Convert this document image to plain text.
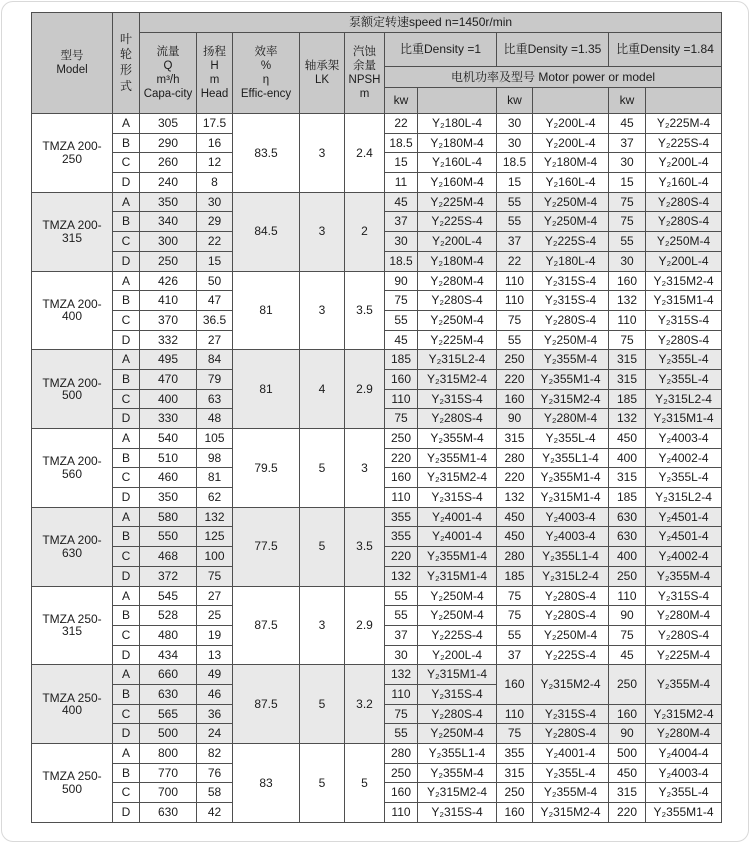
型号
Model	叶轮形式	泵额定转速speed n=1450r/min										
		流量
Q
m³/h
Capa-city	扬程
H
m
Head	效率
%
η
Effic-ency	轴承架
LK	汽蚀
余量
NPSH
m	比重Density =1		比重Density =1.35		比重Density =1.84	
							电机功率及型号 Motor power or model					
							kw		kw		kw	
TMZA 200-250	A	305	17.5	83.5	3	2.4	22	Y₂180L-4	30	Y₂200L-4	45	Y₂225M-4
	B	290	16				18.5	Y₂180M-4	30	Y₂200L-4	37	Y₂225S-4
	C	260	12				15	Y₂160L-4	18.5	Y₂180M-4	30	Y₂200L-4
	D	240	8				11	Y₂160M-4	15	Y₂160L-4	15	Y₂160L-4
TMZA 200-315	A	350	30	84.5	3	2	45	Y₂225M-4	55	Y₂250M-4	75	Y₂280S-4
	B	340	29				37	Y₂225S-4	55	Y₂250M-4	75	Y₂280S-4
	C	300	22				30	Y₂200L-4	37	Y₂225S-4	55	Y₂250M-4
	D	250	15				18.5	Y₂180M-4	22	Y₂180L-4	30	Y₂200L-4
TMZA 200-400	A	426	50	81	3	3.5	90	Y₂280M-4	110	Y₂315S-4	160	Y₂315M2-4
	B	410	47				75	Y₂280S-4	110	Y₂315S-4	132	Y₂315M1-4
	C	370	36.5				55	Y₂250M-4	75	Y₂280S-4	110	Y₂315S-4
	D	332	27				45	Y₂225M-4	55	Y₂250M-4	75	Y₂280S-4
TMZA 200-500	A	495	84	81	4	2.9	185	Y₂315L2-4	250	Y₂355M-4	315	Y₂355L-4
	B	470	79				160	Y₂315M2-4	220	Y₂355M1-4	315	Y₂355L-4
	C	400	63				110	Y₂315S-4	160	Y₂315M2-4	185	Y₂315L2-4
	D	330	48				75	Y₂280S-4	90	Y₂280M-4	132	Y₂315M1-4
TMZA 200-560	A	540	105	79.5	5	3	250	Y₂355M-4	315	Y₂355L-4	450	Y₂4003-4
	B	510	98				220	Y₂355M1-4	280	Y₂355L1-4	400	Y₂4002-4
	C	460	81				160	Y₂315M2-4	220	Y₂355M1-4	315	Y₂355L-4
	D	350	62				110	Y₂315S-4	132	Y₂315M1-4	185	Y₂315L2-4
TMZA 200-630	A	580	132	77.5	5	3.5	355	Y₂4001-4	450	Y₂4003-4	630	Y₂4501-4
	B	550	125				355	Y₂4001-4	450	Y₂4003-4	630	Y₂4501-4
	C	468	100				220	Y₂355M1-4	280	Y₂355L1-4	400	Y₂4002-4
	D	372	75				132	Y₂315M1-4	185	Y₂315L2-4	250	Y₂355M-4
TMZA 250-315	A	545	27	87.5	3	2.9	55	Y₂250M-4	75	Y₂280S-4	110	Y₂315S-4
	B	528	25				55	Y₂250M-4	75	Y₂280S-4	90	Y₂280M-4
	C	480	19				37	Y₂225S-4	55	Y₂250M-4	75	Y₂280S-4
	D	434	13				30	Y₂200L-4	37	Y₂225S-4	45	Y₂225M-4
TMZA 250-400	A	660	49	87.5	5	3.2	132	Y₂315M1-4	160	Y₂315M2-4	250	Y₂355M-4
	B	630	46				110	Y₂315S-4				
	C	565	36				75	Y₂280S-4	110	Y₂315S-4	160	Y₂315M2-4
	D	500	24				55	Y₂250M-4	75	Y₂280S-4	90	Y₂280M-4
TMZA 250-500	A	800	82	83	5	5	280	Y₂355L1-4	355	Y₂4001-4	500	Y₂4004-4
	B	770	76				250	Y₂355M-4	315	Y₂355L-4	450	Y₂4003-4
	C	700	58				160	Y₂315M2-4	250	Y₂355M-4	315	Y₂355L-4
	D	630	42				110	Y₂315S-4	160	Y₂315M2-4	220	Y₂355M1-4
